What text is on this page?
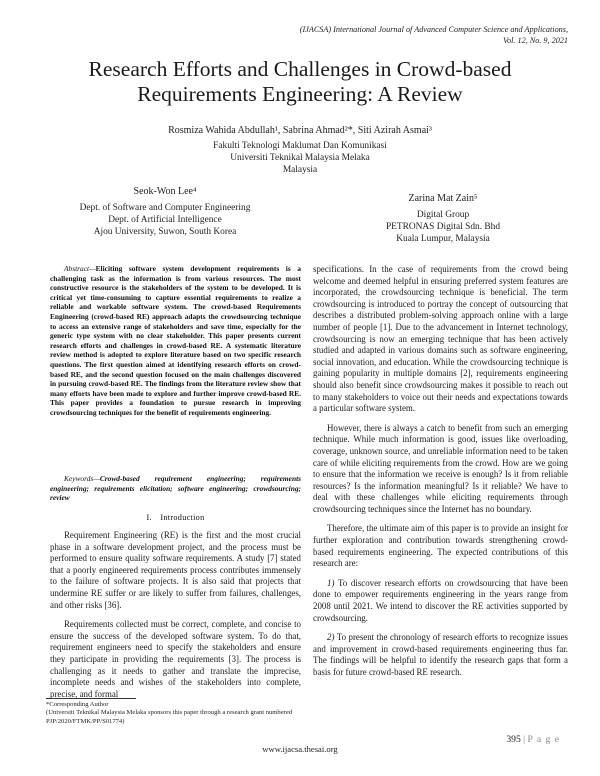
(IJACSA) International Journal of Advanced Computer Science and Applications,
Vol. 12, No. 9, 2021
Research Efforts and Challenges in Crowd-based
Requirements Engineering: A Review
Rosmiza Wahida Abdullah¹, Sabrina Ahmad²*, Siti Azirah Asmai³
Fakulti Teknologi Maklumat Dan Komunikasi
Universiti Teknikal Malaysia Melaka
Malaysia
Seok-Won Lee⁴
Dept. of Software and Computer Engineering
Dept. of Artificial Intelligence
Ajou University, Suwon, South Korea
Zarina Mat Zain⁵
Digital Group
PETRONAS Digital Sdn. Bhd
Kuala Lumpur, Malaysia
Abstract—Eliciting software system development requirements is a challenging task as the information is from various resources. The most constructive resource is the stakeholders of the system to be developed. It is critical yet time-consuming to capture essential requirements to realize a reliable and workable software system. The crowd-based Requirements Engineering (crowd-based RE) approach adapts the crowdsourcing technique to access an extensive range of stakeholders and save time, especially for the generic type system with no clear stakeholder. This paper presents current research efforts and challenges in crowd-based RE. A systematic literature review method is adopted to explore literature based on two specific research questions. The first question aimed at identifying research efforts on crowd-based RE, and the second question focused on the main challenges discovered in pursuing crowd-based RE. The findings from the literature review show that many efforts have been made to explore and further improve crowd-based RE. This paper provides a foundation to pursue research in improving crowdsourcing techniques for the benefit of requirements engineering.
Keywords—Crowd-based requirement engineering; requirements engineering; requirements elicitation; software engineering; crowdsourcing; review
I. Introduction

Requirement Engineering (RE) is the first and the most crucial phase in a software development project, and the process must be performed to ensure quality software requirements. A study [7] stated that a poorly engineered requirements process contributes immensely to the failure of software projects. It is also said that projects that undermine RE suffer or are likely to suffer from failures, challenges, and other risks [36].

Requirements collected must be correct, complete, and concise to ensure the success of the developed software system. To do that, requirement engineers need to specify the stakeholders and ensure they participate in providing the requirements [3]. The process is challenging as it needs to gather and translate the imprecise, incomplete needs and wishes of the stakeholders into complete, precise, and formal

specifications. In the case of requirements from the crowd being welcome and deemed helpful in ensuring preferred system features are incorporated, the crowdsourcing technique is beneficial. The term crowdsourcing is introduced to portray the concept of outsourcing that describes a distributed problem-solving approach online with a large number of people [1]. Due to the advancement in Internet technology, crowdsourcing is now an emerging technique that has been actively studied and adapted in various domains such as software engineering, social innovation, and education. While the crowdsourcing technique is gaining popularity in multiple domains [2], requirements engineering should also benefit since crowdsourcing makes it possible to reach out to many stakeholders to voice out their needs and expectations towards a particular software system.

However, there is always a catch to benefit from such an emerging technique. While much information is good, issues like overloading, coverage, unknown source, and unreliable information need to be taken care of while eliciting requirements from the crowd. How are we going to ensure that the information we receive is enough? Is it from reliable resources? Is the information meaningful? Is it reliable? We have to deal with these challenges while eliciting requirements through crowdsourcing techniques since the Internet has no boundary.

Therefore, the ultimate aim of this paper is to provide an insight for further exploration and contribution towards strengthening crowd-based requirements engineering. The expected contributions of this research are:

1) To discover research efforts on crowdsourcing that have been done to empower requirements engineering in the years range from 2008 until 2021. We intend to discover the RE activities supported by crowdsourcing.

2) To present the chronology of research efforts to recognize issues and improvement in crowd-based requirements engineering thus far. The findings will be helpful to identify the research gaps that form a basis for future crowd-based RE research.

*Corresponding Author
(Universiti Teknikal Malaysia Melaka sponsors this paper through a research grant numbered PJP/2020/FTMK/PP/S01774)
395 | P a g e
www.ijacsa.thesai.org
